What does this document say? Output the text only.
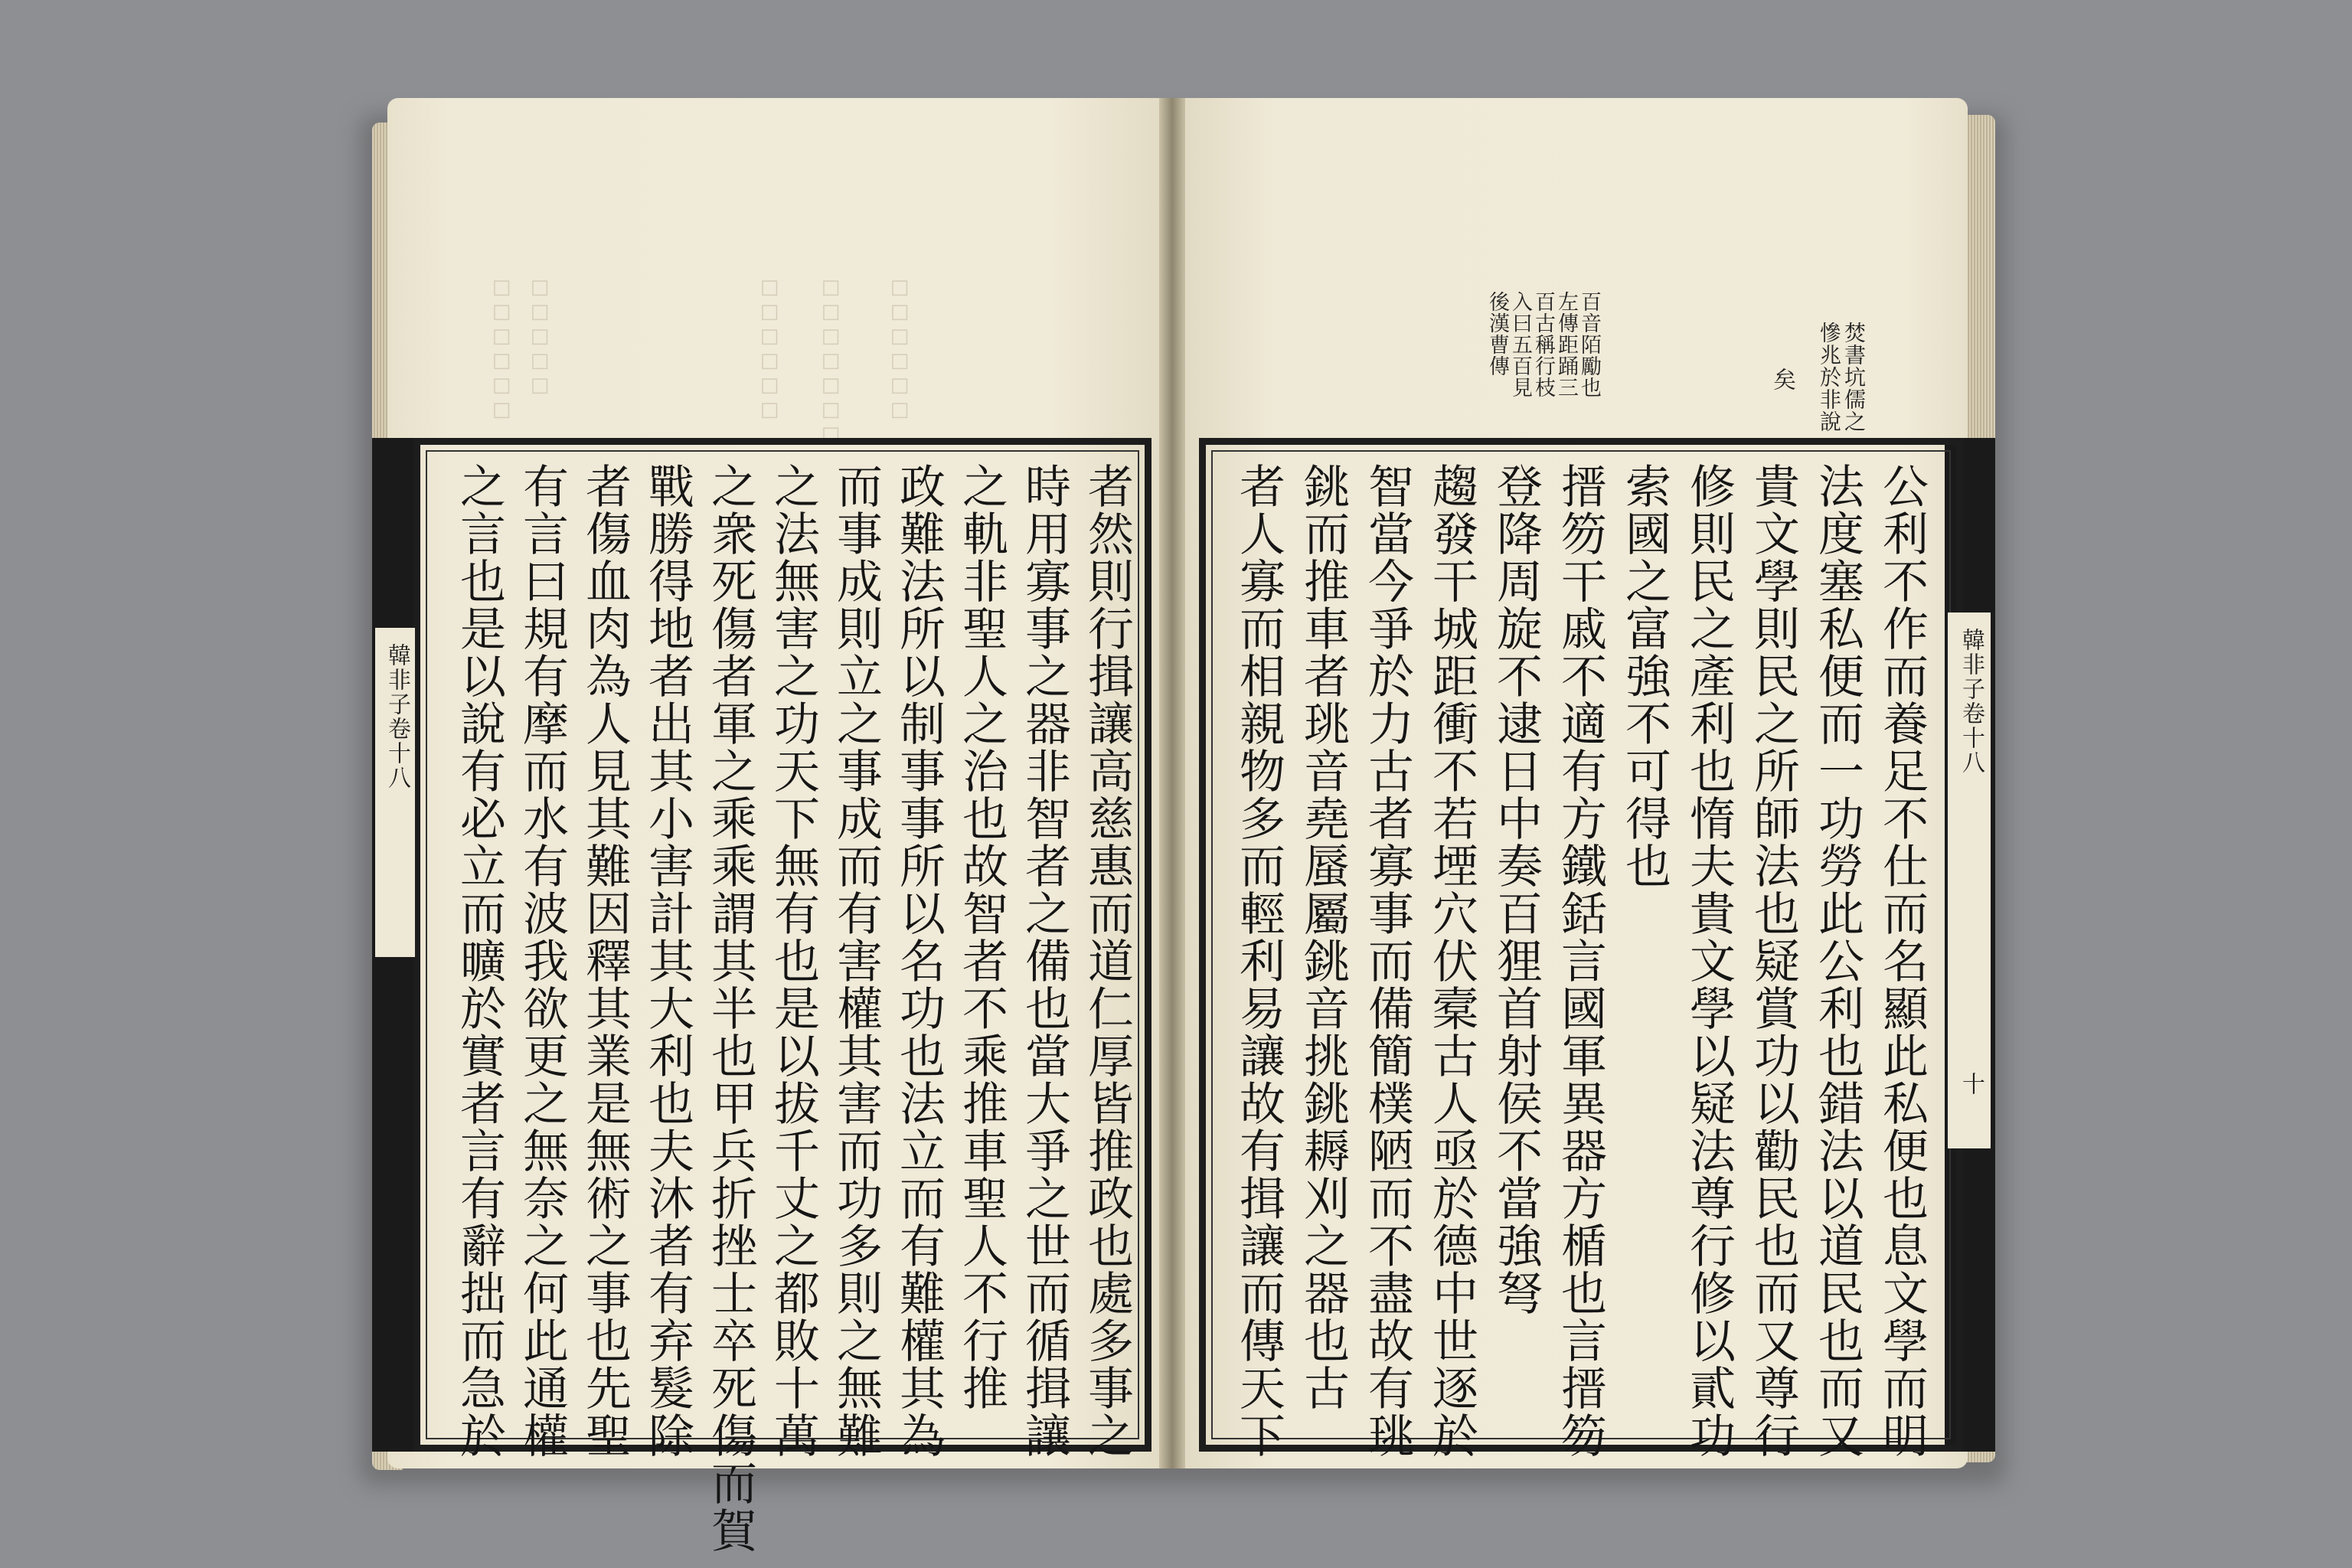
□□□□□□ □□□□□	□□□□□□ □□□□□□□ □□□□□□
韓非子卷十八	韓非子卷十八
十
焚書坑儒之
慘兆於非說
矣
百音陌勵也
左傳距踊三
百古稱行枝
入曰五百見
後漢曹傳
公利不作而養足不仕而名顯此私便也息文學而明
法度塞私便而一功勞此公利也錯法以道民也而又
貴文學則民之所師法也疑賞功以勸民也而又尊行
修則民之產利也惰夫貴文學以疑法尊行修以貳功
索國之富強不可得也
搢笏干戚不適有方鐵銛言國軍異器方楯也言搢笏
登降周旋不逮日中奏百狸首射侯不當強弩
趨發干城距衝不若堙穴伏槖古人亟於德中世逐於
智當今爭於力古者寡事而備簡樸陋而不盡故有珧
銚而推車者珧音堯蜃屬銚音挑銚耨刈之器也古
者人寡而相親物多而輕利易讓故有揖讓而傳天下
者然則行揖讓高慈惠而道仁厚皆推政也處多事之
時用寡事之器非智者之備也當大爭之世而循揖讓
之軌非聖人之治也故智者不乘推車聖人不行推
政難法所以制事事所以名功也法立而有難權其為
而事成則立之事成而有害權其害而功多則之無難
之法無害之功天下無有也是以拔千丈之都敗十萬
之衆死傷者軍之乘乘謂其半也甲兵折挫士卒死傷而賀
戰勝得地者出其小害計其大利也夫沐者有弃髮除
者傷血肉為人見其難因釋其業是無術之事也先聖
有言曰規有摩而水有波我欲更之無奈之何此通權
之言也是以說有必立而曠於實者言有辭拙而急於
